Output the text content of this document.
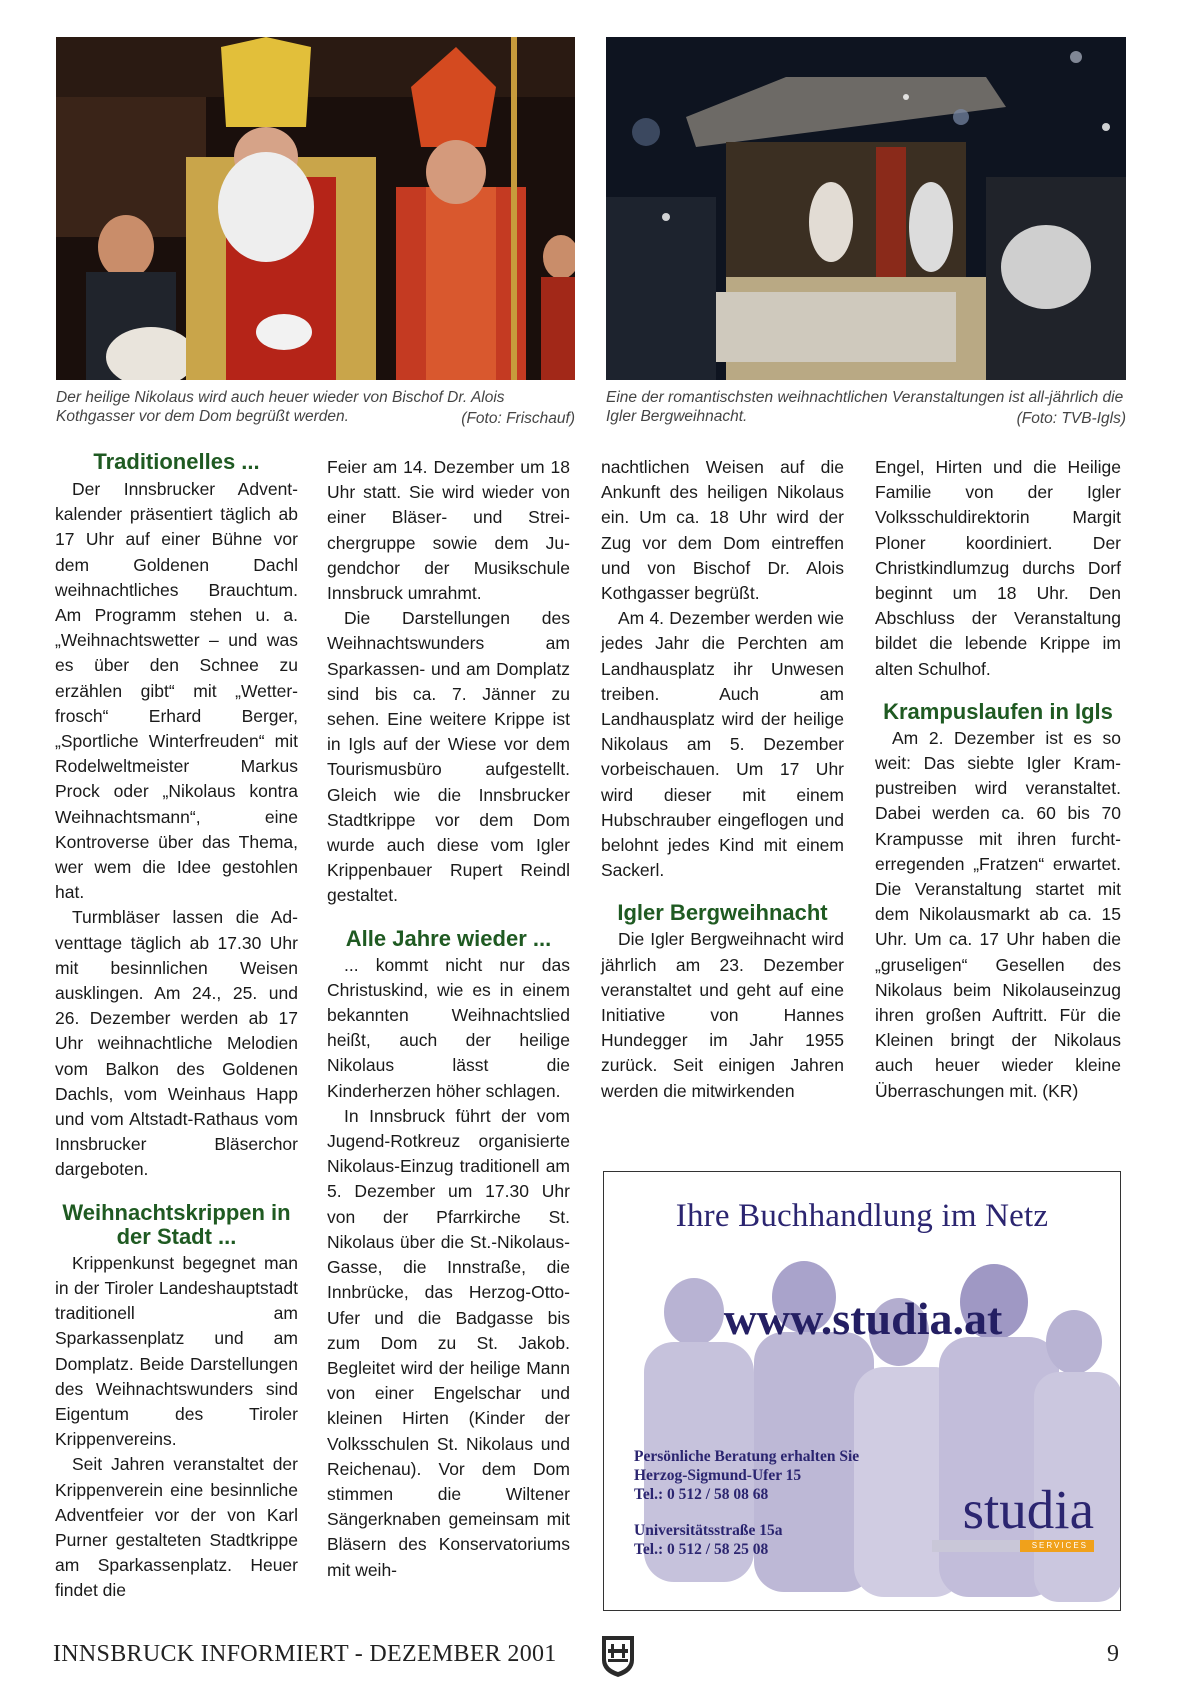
Der heilige Nikolaus wird auch heuer wieder von Bischof Dr. Alois Kothgasser vor dem Dom begrüßt werden.	(Foto: Frischauf)
Eine der romantischsten weihnachtlichen Veranstaltungen ist all-jährlich die Igler Bergweihnacht.	(Foto: TVB-Igls)
Traditionelles ...

Der Innsbrucker Adventkalender präsentiert täglich ab 17 Uhr auf einer Bühne vor dem Goldenen Dachl weihnachtliches Brauchtum. Am Programm stehen u. a. „Weihnachtswetter – und was es über den Schnee zu erzählen gibt“ mit „Wetterfrosch“ Erhard Berger, „Sportliche Winterfreuden“ mit Rodelweltmeister Markus Prock oder „Nikolaus kontra Weihnachtsmann“, eine Kontroverse über das Thema, wer wem die Idee gestohlen hat.

Turmbläser lassen die Adventtage täglich ab 17.30 Uhr mit besinnlichen Weisen ausklingen. Am 24., 25. und 26. Dezember werden ab 17 Uhr weihnachtliche Melodien vom Balkon des Goldenen Dachls, vom Weinhaus Happ und vom Altstadt-Rathaus vom Innsbrucker Bläserchor dargeboten.

Weihnachtskrippen in der Stadt ...

Krippenkunst begegnet man in der Tiroler Landeshauptstadt traditionell am Sparkassenplatz und am Domplatz. Beide Darstellungen des Weihnachtswunders sind Eigentum des Tiroler Krippenvereins.

Seit Jahren veranstaltet der Krippenverein eine besinnliche Adventfeier vor der von Karl Purner gestalteten Stadtkrippe am Sparkassenplatz. Heuer findet die

Feier am 14. Dezember um 18 Uhr statt. Sie wird wieder von einer Bläser- und Streichergruppe sowie dem Jugendchor der Musikschule Innsbruck umrahmt.

Die Darstellungen des Weihnachtswunders am Sparkassen- und am Domplatz sind bis ca. 7. Jänner zu sehen. Eine weitere Krippe ist in Igls auf der Wiese vor dem Tourismusbüro aufgestellt. Gleich wie die Innsbrucker Stadtkrippe vor dem Dom wurde auch diese vom Igler Krippenbauer Rupert Reindl gestaltet.

Alle Jahre wieder ...

... kommt nicht nur das Christuskind, wie es in einem bekannten Weihnachtslied heißt, auch der heilige Nikolaus lässt die Kinderherzen höher schlagen.

In Innsbruck führt der vom Jugend-Rotkreuz organisierte Nikolaus-Einzug traditionell am 5. Dezember um 17.30 Uhr von der Pfarrkirche St. Nikolaus über die St.-Nikolaus-Gasse, die Innstraße, die Innbrücke, das Herzog-Otto-Ufer und die Badgasse bis zum Dom zu St. Jakob. Begleitet wird der heilige Mann von einer Engelschar und kleinen Hirten (Kinder der Volksschulen St. Nikolaus und Reichenau). Vor dem Dom stimmen die Wiltener Sängerknaben gemeinsam mit Bläsern des Konservatoriums mit weih-

nachtlichen Weisen auf die Ankunft des heiligen Nikolaus ein. Um ca. 18 Uhr wird der Zug vor dem Dom eintreffen und von Bischof Dr. Alois Kothgasser begrüßt.

Am 4. Dezember werden wie jedes Jahr die Perchten am Landhausplatz ihr Unwesen treiben. Auch am Landhausplatz wird der heilige Nikolaus am 5. Dezember vorbeischauen. Um 17 Uhr wird dieser mit einem Hubschrauber eingeflogen und belohnt jedes Kind mit einem Sackerl.

Igler Bergweihnacht

Die Igler Bergweihnacht wird jährlich am 23. Dezember veranstaltet und geht auf eine Initiative von Hannes Hundegger im Jahr 1955 zurück. Seit einigen Jahren werden die mitwirkenden

Engel, Hirten und die Heilige Familie von der Igler Volksschuldirektorin Margit Ploner koordiniert. Der Christkindlumzug durchs Dorf beginnt um 18 Uhr. Den Abschluss der Veranstaltung bildet die lebende Krippe im alten Schulhof.

Krampuslaufen in Igls

Am 2. Dezember ist es so weit: Das siebte Igler Krampustreiben wird veranstaltet. Dabei werden ca. 60 bis 70 Krampusse mit ihren furchterregenden „Fratzen“ erwartet. Die Veranstaltung startet mit dem Nikolausmarkt ab ca. 15 Uhr. Um ca. 17 Uhr haben die „gruseligen“ Gesellen des Nikolaus beim Nikolauseinzug ihren großen Auftritt. Für die Kleinen bringt der Nikolaus auch heuer wieder kleine Überraschungen mit. (KR)

Ihre Buchhandlung im Netz
www.studia.at
Persönliche Beratung erhalten Sie
Herzog-Sigmund-Ufer 15
Tel.: 0 512 / 58 08 68
Universitätsstraße 15a
Tel.: 0 512 / 58 25 08
studia
SERVICES
INNSBRUCK INFORMIERT - DEZEMBER 2001	9
